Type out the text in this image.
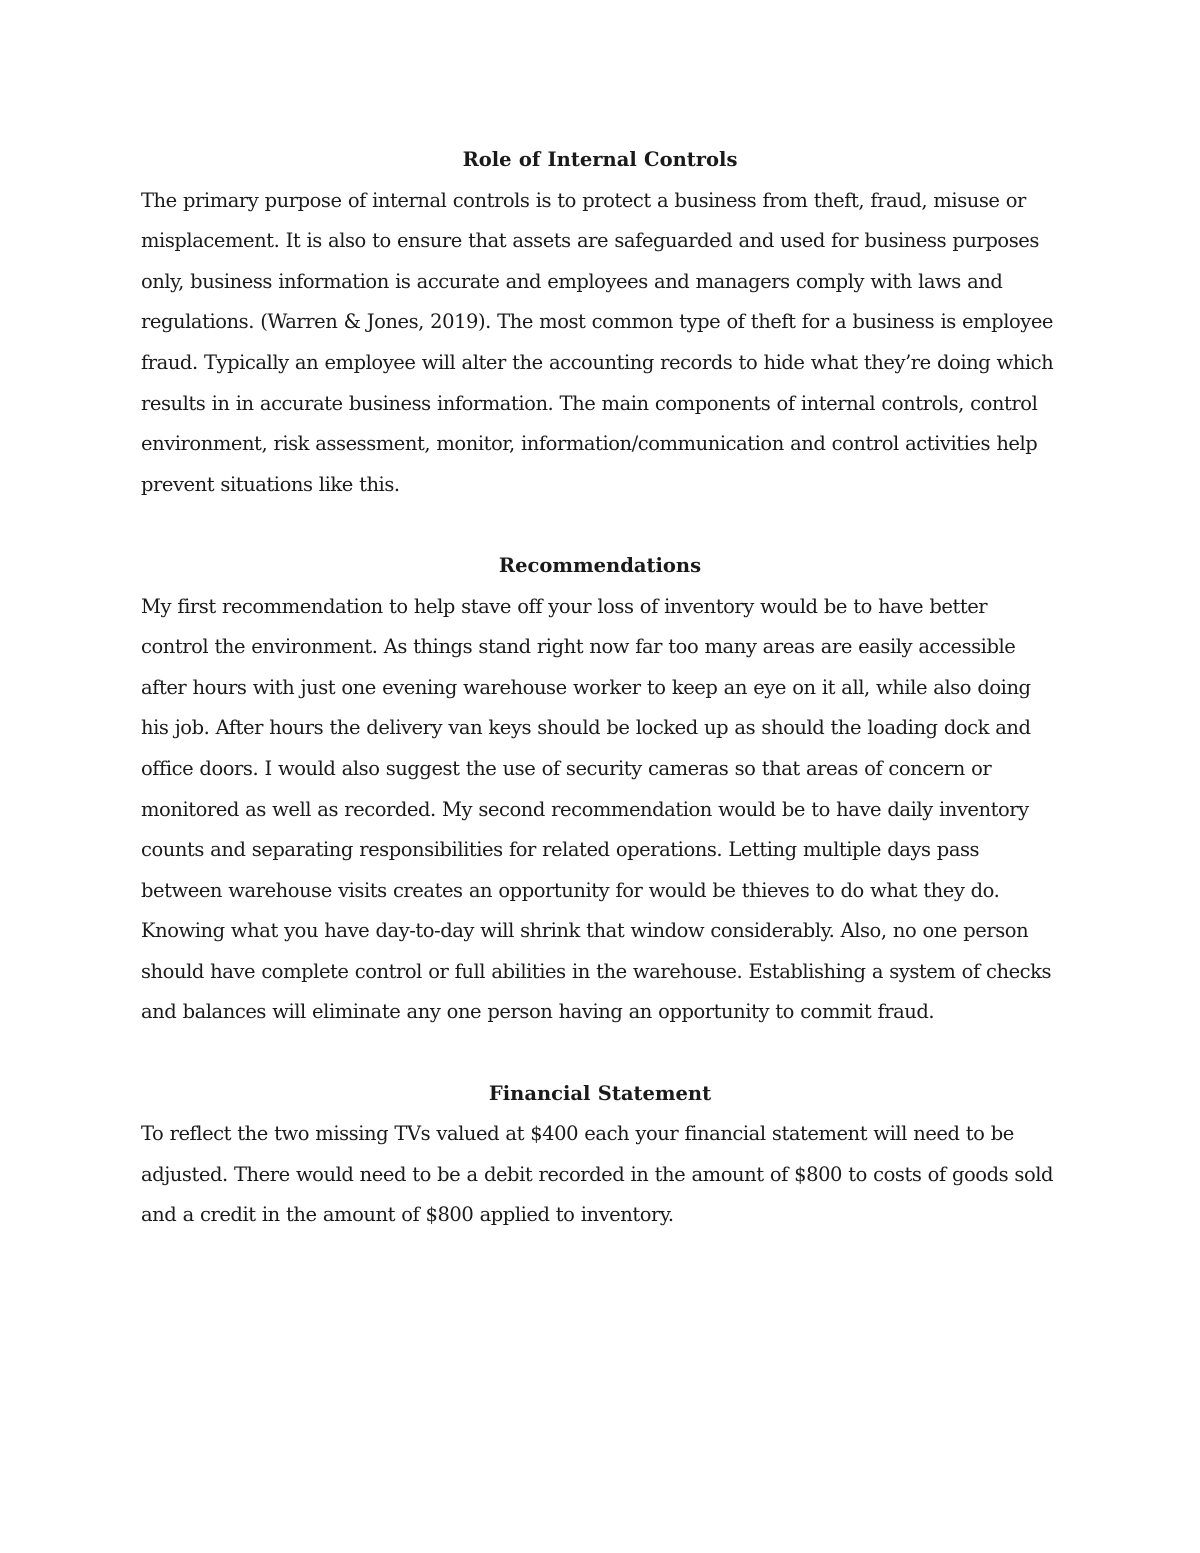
Role of Internal Controls

The primary purpose of internal controls is to protect a business from theft, fraud, misuse or misplacement. It is also to ensure that assets are safeguarded and used for business purposes only, business information is accurate and employees and managers comply with laws and regulations. (Warren & Jones, 2019). The most common type of theft for a business is employee fraud. Typically an employee will alter the accounting records to hide what they’re doing which results in in accurate business information. The main components of internal controls, control environment, risk assessment, monitor, information/communication and control activities help prevent situations like this.

Recommendations

My first recommendation to help stave off your loss of inventory would be to have better control the environment. As things stand right now far too many areas are easily accessible after hours with just one evening warehouse worker to keep an eye on it all, while also doing his job. After hours the delivery van keys should be locked up as should the loading dock and office doors. I would also suggest the use of security cameras so that areas of concern or monitored as well as recorded. My second recommendation would be to have daily inventory counts and separating responsibilities for related operations. Letting multiple days pass between warehouse visits creates an opportunity for would be thieves to do what they do. Knowing what you have day-to-day will shrink that window considerably. Also, no one person should have complete control or full abilities in the warehouse. Establishing a system of checks and balances will eliminate any one person having an opportunity to commit fraud.

Financial Statement

To reflect the two missing TVs valued at $400 each your financial statement will need to be adjusted. There would need to be a debit recorded in the amount of $800 to costs of goods sold and a credit in the amount of $800 applied to inventory.
